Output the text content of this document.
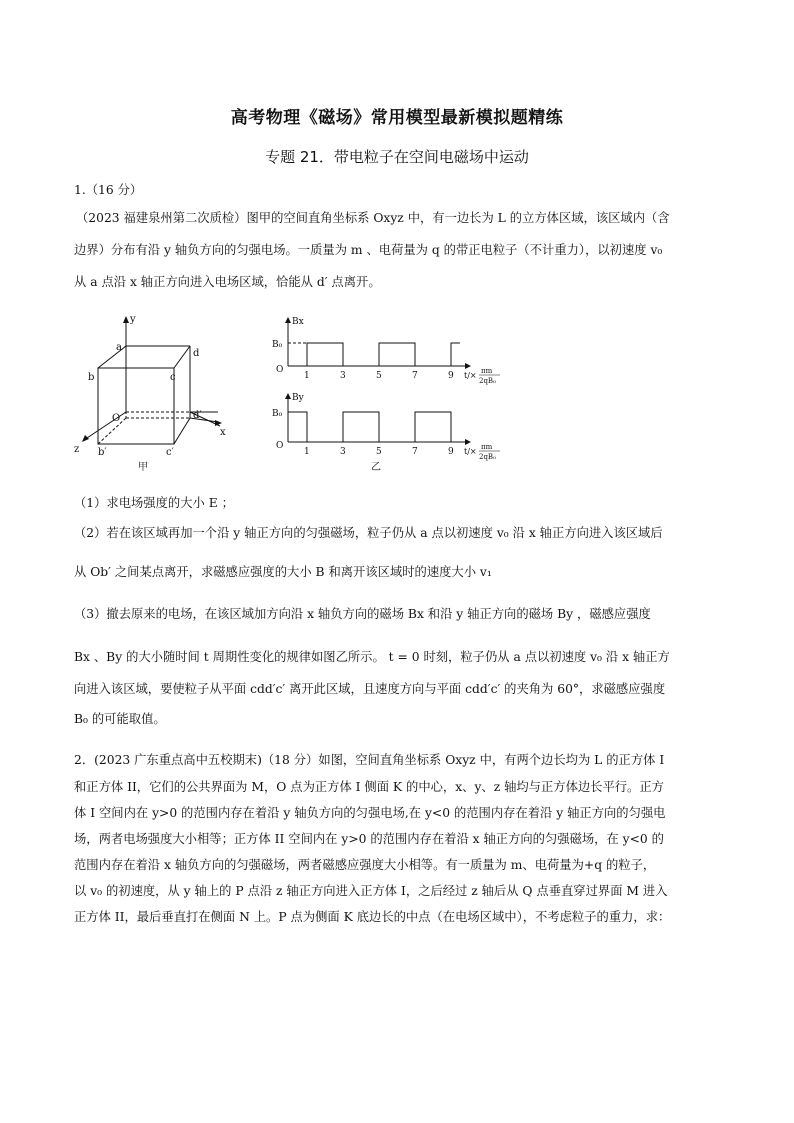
高考物理《磁场》常用模型最新模拟题精练
专题 21．带电粒子在空间电磁场中运动
1.（16 分）
（2023 福建泉州第二次质检）图甲的空间直角坐标系 Oxyz 中，有一边长为 L 的立方体区域，该区域内（含
边界）分布有沿 y 轴负方向的匀强电场。一质量为 m 、电荷量为 q 的带正电粒子（不计重力），以初速度 v₀
从 a 点沿 x 轴正方向进入电场区域，恰能从 d′ 点离开。
y
x
z
O
a
b	c
d
b′	c′
d′
甲
Bx
B₀
O
1	3	5	7	9 t/× πm
2qB₀
By
B₀
O
1	3	5	7	9 t/× πm
2qB₀
乙
（1）求电场强度的大小 E ；
（2）若在该区域再加一个沿 y 轴正方向的匀强磁场，粒子仍从 a 点以初速度 v₀ 沿 x 轴正方向进入该区域后
从 Ob′ 之间某点离开，求磁感应强度的大小 B 和离开该区域时的速度大小 v₁
（3）撤去原来的电场，在该区域加方向沿 x 轴负方向的磁场 Bx 和沿 y 轴正方向的磁场 By ，磁感应强度
Bx 、By 的大小随时间 t 周期性变化的规律如图乙所示。 t = 0 时刻，粒子仍从 a 点以初速度 v₀ 沿 x 轴正方
向进入该区域，要使粒子从平面 cdd′c′ 离开此区域，且速度方向与平面 cdd′c′ 的夹角为 60°，求磁感应强度
B₀ 的可能取值。
2．(2023 广东重点高中五校期末)（18 分）如图，空间直角坐标系 Oxyz 中，有两个边长均为 L 的正方体 I
和正方体 II，它们的公共界面为 M，O 点为正方体 I 侧面 K 的中心，x、y、z 轴均与正方体边长平行。正方
体 I 空间内在 y>0 的范围内存在着沿 y 轴负方向的匀强电场,在 y<0 的范围内存在着沿 y 轴正方向的匀强电
场，两者电场强度大小相等；正方体 II 空间内在 y>0 的范围内存在着沿 x 轴正方向的匀强磁场，在 y<0 的
范围内存在着沿 x 轴负方向的匀强磁场，两者磁感应强度大小相等。有一质量为 m、电荷量为+q 的粒子，
以 v₀ 的初速度，从 y 轴上的 P 点沿 z 轴正方向进入正方体 I，之后经过 z 轴后从 Q 点垂直穿过界面 M 进入
正方体 II，最后垂直打在侧面 N 上。P 点为侧面 K 底边长的中点（在电场区域中），不考虑粒子的重力，求：
